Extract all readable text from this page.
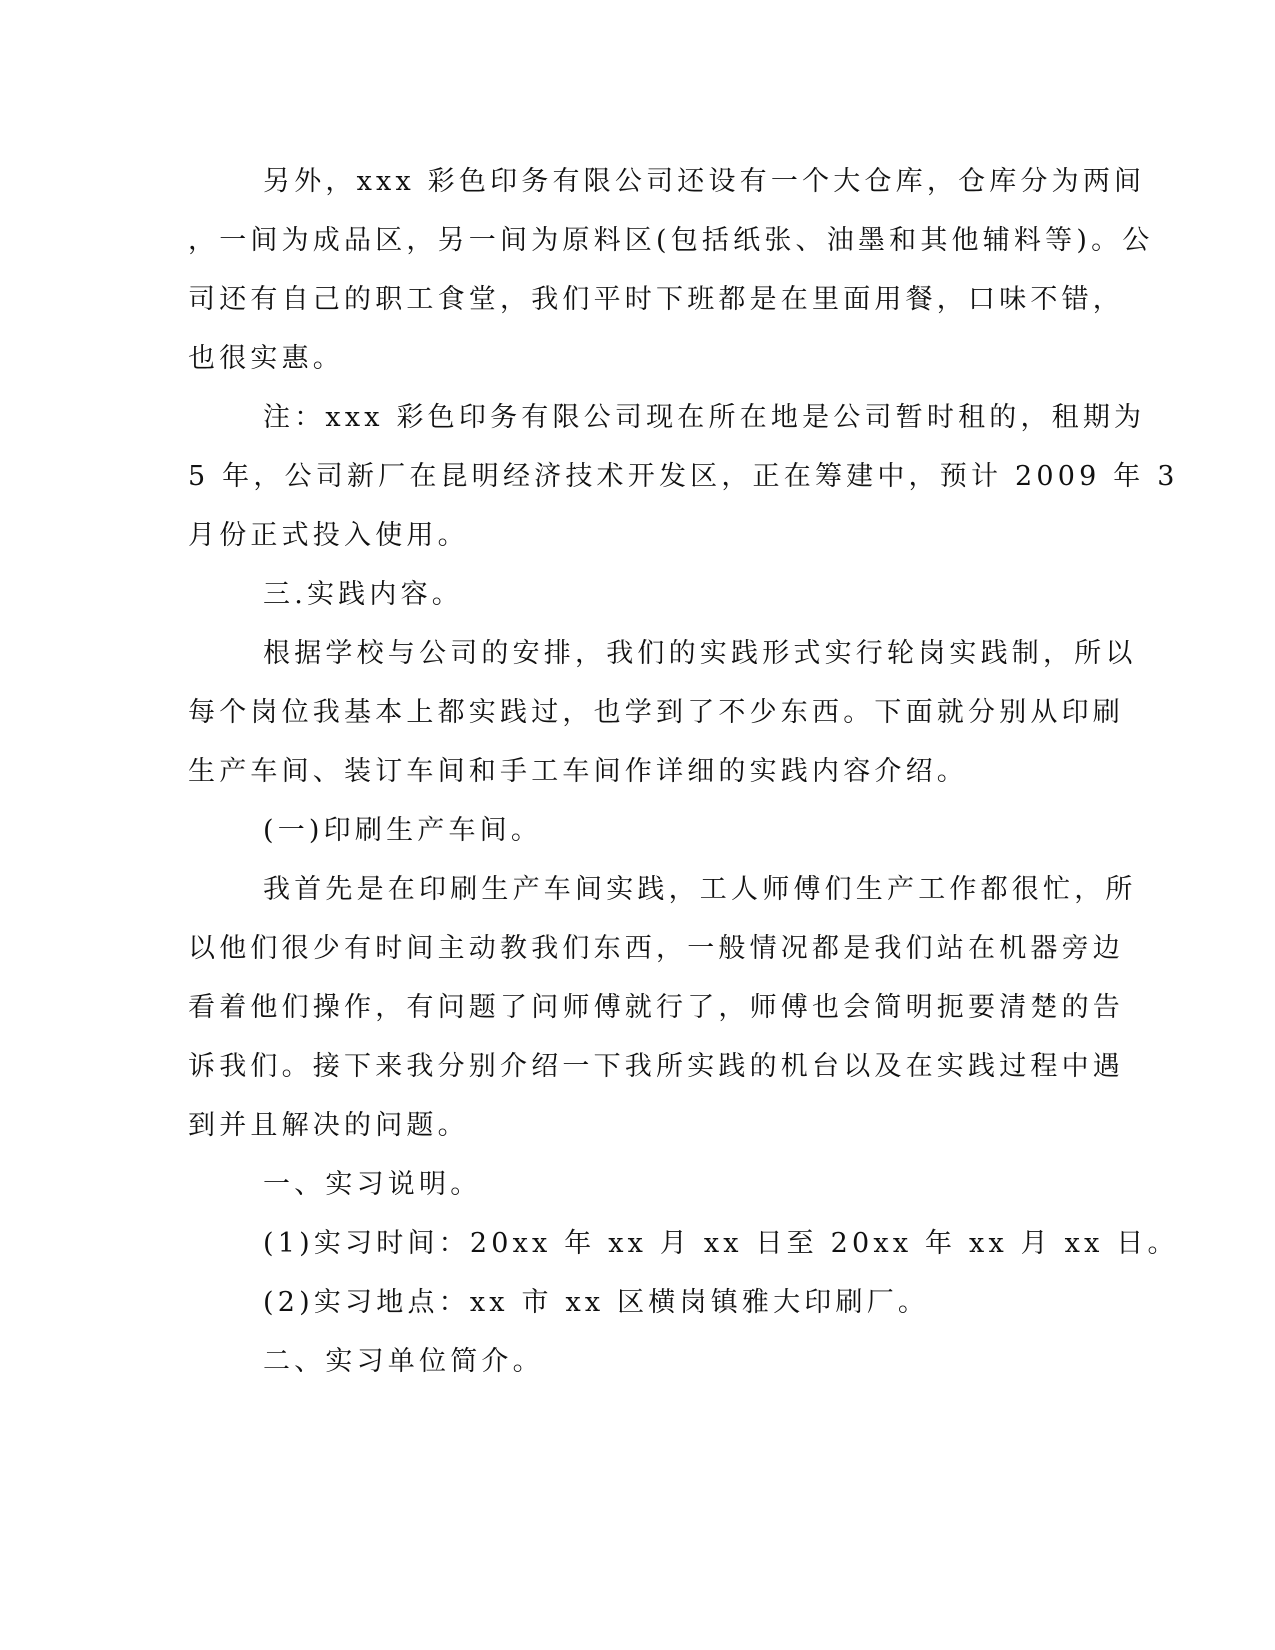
另外，xxx 彩色印务有限公司还设有一个大仓库，仓库分为两间
，一间为成品区，另一间为原料区(包括纸张、油墨和其他辅料等)。公
司还有自己的职工食堂，我们平时下班都是在里面用餐，口味不错，
也很实惠。
注：xxx 彩色印务有限公司现在所在地是公司暂时租的，租期为
5 年，公司新厂在昆明经济技术开发区，正在筹建中，预计 2009 年 3
月份正式投入使用。
三.实践内容。
根据学校与公司的安排，我们的实践形式实行轮岗实践制，所以
每个岗位我基本上都实践过，也学到了不少东西。下面就分别从印刷
生产车间、装订车间和手工车间作详细的实践内容介绍。
(一)印刷生产车间。
我首先是在印刷生产车间实践，工人师傅们生产工作都很忙，所
以他们很少有时间主动教我们东西，一般情况都是我们站在机器旁边
看着他们操作，有问题了问师傅就行了，师傅也会简明扼要清楚的告
诉我们。接下来我分别介绍一下我所实践的机台以及在实践过程中遇
到并且解决的问题。
一、实习说明。
(1)实习时间：20xx 年 xx 月 xx 日至 20xx 年 xx 月 xx 日。
(2)实习地点：xx 市 xx 区横岗镇雅大印刷厂。
二、实习单位简介。
